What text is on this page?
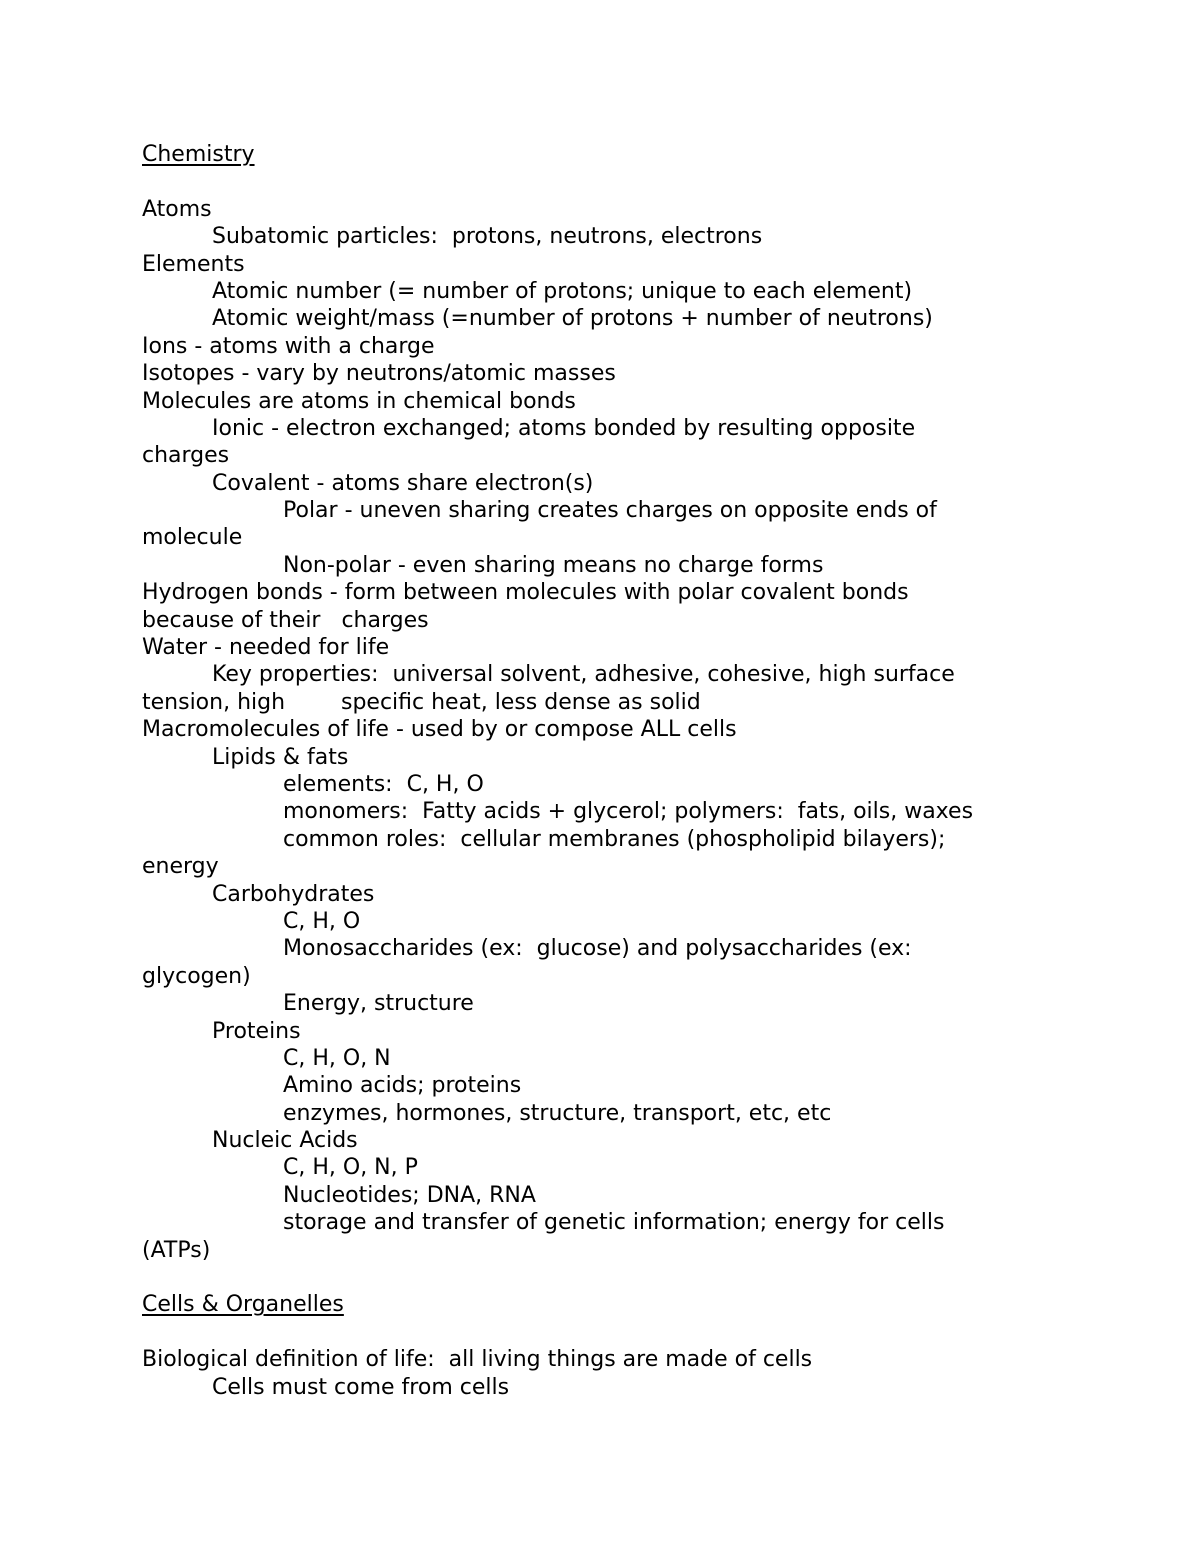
Chemistry
Atoms
Subatomic particles:  protons, neutrons, electrons
Elements
Atomic number (= number of protons; unique to each element)
Atomic weight/mass (=number of protons + number of neutrons)
Ions - atoms with a charge
Isotopes - vary by neutrons/atomic masses
Molecules are atoms in chemical bonds
Ionic - electron exchanged; atoms bonded by resulting opposite
charges
Covalent - atoms share electron(s)
Polar - uneven sharing creates charges on opposite ends of
molecule
Non-polar - even sharing means no charge forms
Hydrogen bonds - form between molecules with polar covalent bonds
because of their   charges
Water - needed for life
Key properties:  universal solvent, adhesive, cohesive, high surface
tension, high	specific heat, less dense as solid
Macromolecules of life - used by or compose ALL cells
Lipids & fats
elements:  C, H, O
monomers:  Fatty acids + glycerol; polymers:  fats, oils, waxes
common roles:  cellular membranes (phospholipid bilayers);
energy
Carbohydrates
C, H, O
Monosaccharides (ex:  glucose) and polysaccharides (ex:
glycogen)
Energy, structure
Proteins
C, H, O, N
Amino acids; proteins
enzymes, hormones, structure, transport, etc, etc
Nucleic Acids
C, H, O, N, P
Nucleotides; DNA, RNA
storage and transfer of genetic information; energy for cells
(ATPs)
Cells & Organelles
Biological definition of life:  all living things are made of cells
Cells must come from cells
